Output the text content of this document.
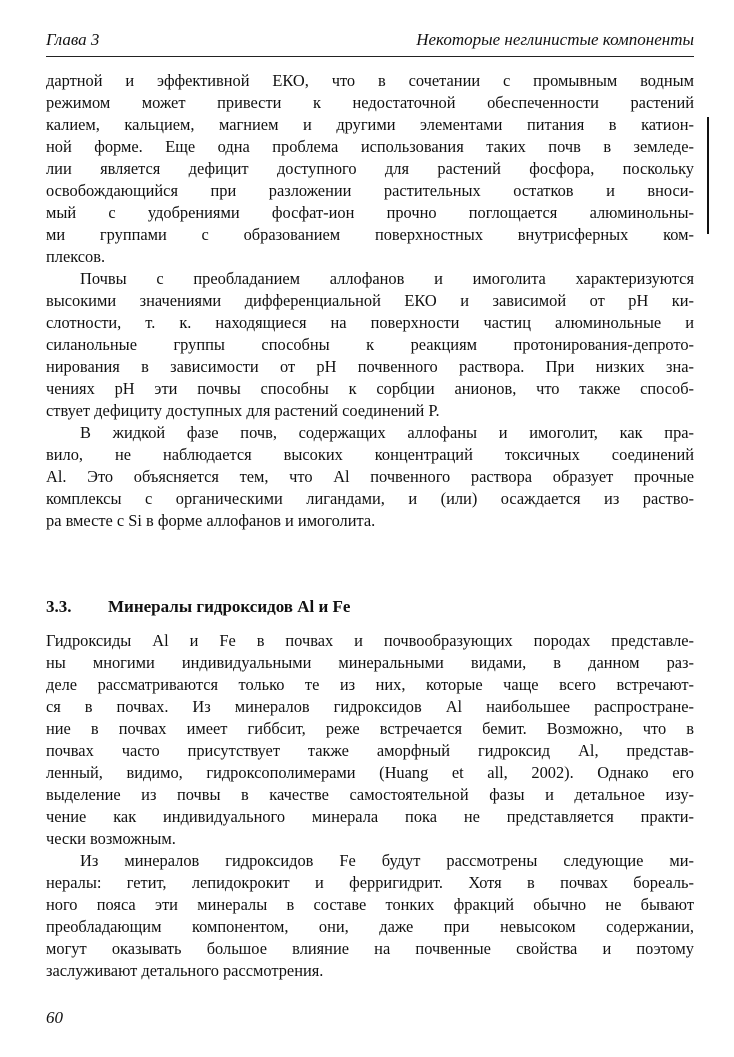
Глава 3	Некоторые неглинистые компоненты
дартной и эффективной ЕКО, что в сочетании с промывным водным
режимом может привести к недостаточной обеспеченности растений
калием, кальцием, магнием и другими элементами питания в катион-
ной форме. Еще одна проблема использования таких почв в земледе-
лии является дефицит доступного для растений фосфора, поскольку
освобождающийся при разложении растительных остатков и вноси-
мый с удобрениями фосфат-ион прочно поглощается алюминольны-
ми группами с образованием поверхностных внутрисферных ком-
плексов.
Почвы с преобладанием аллофанов и имоголита характеризуются
высокими значениями дифференциальной ЕКО и зависимой от pH ки-
слотности, т. к. находящиеся на поверхности частиц алюминольные и
силанольные группы способны к реакциям протонирования-депрото-
нирования в зависимости от pH почвенного раствора. При низких зна-
чениях pH эти почвы способны к сорбции анионов, что также способ-
ствует дефициту доступных для растений соединений Р.
В жидкой фазе почв, содержащих аллофаны и имоголит, как пра-
вило, не наблюдается высоких концентраций токсичных соединений
Al. Это объясняется тем, что Al почвенного раствора образует прочные
комплексы с органическими лигандами, и (или) осаждается из раство-
ра вместе с Si в форме аллофанов и имоголита.
3.3. Минералы гидроксидов Al и Fe
Гидроксиды Al и Fe в почвах и почвообразующих породах представле-
ны многими индивидуальными минеральными видами, в данном раз-
деле рассматриваются только те из них, которые чаще всего встречают-
ся в почвах. Из минералов гидроксидов Al наибольшее распростране-
ние в почвах имеет гиббсит, реже встречается бемит. Возможно, что в
почвах часто присутствует также аморфный гидроксид Al, представ-
ленный, видимо, гидроксополимерами (Huang et all, 2002). Однако его
выделение из почвы в качестве самостоятельной фазы и детальное изу-
чение как индивидуального минерала пока не представляется практи-
чески возможным.
Из минералов гидроксидов Fe будут рассмотрены следующие ми-
нералы: гетит, лепидокрокит и ферригидрит. Хотя в почвах бореаль-
ного пояса эти минералы в составе тонких фракций обычно не бывают
преобладающим компонентом, они, даже при невысоком содержании,
могут оказывать большое влияние на почвенные свойства и поэтому
заслуживают детального рассмотрения.
60
